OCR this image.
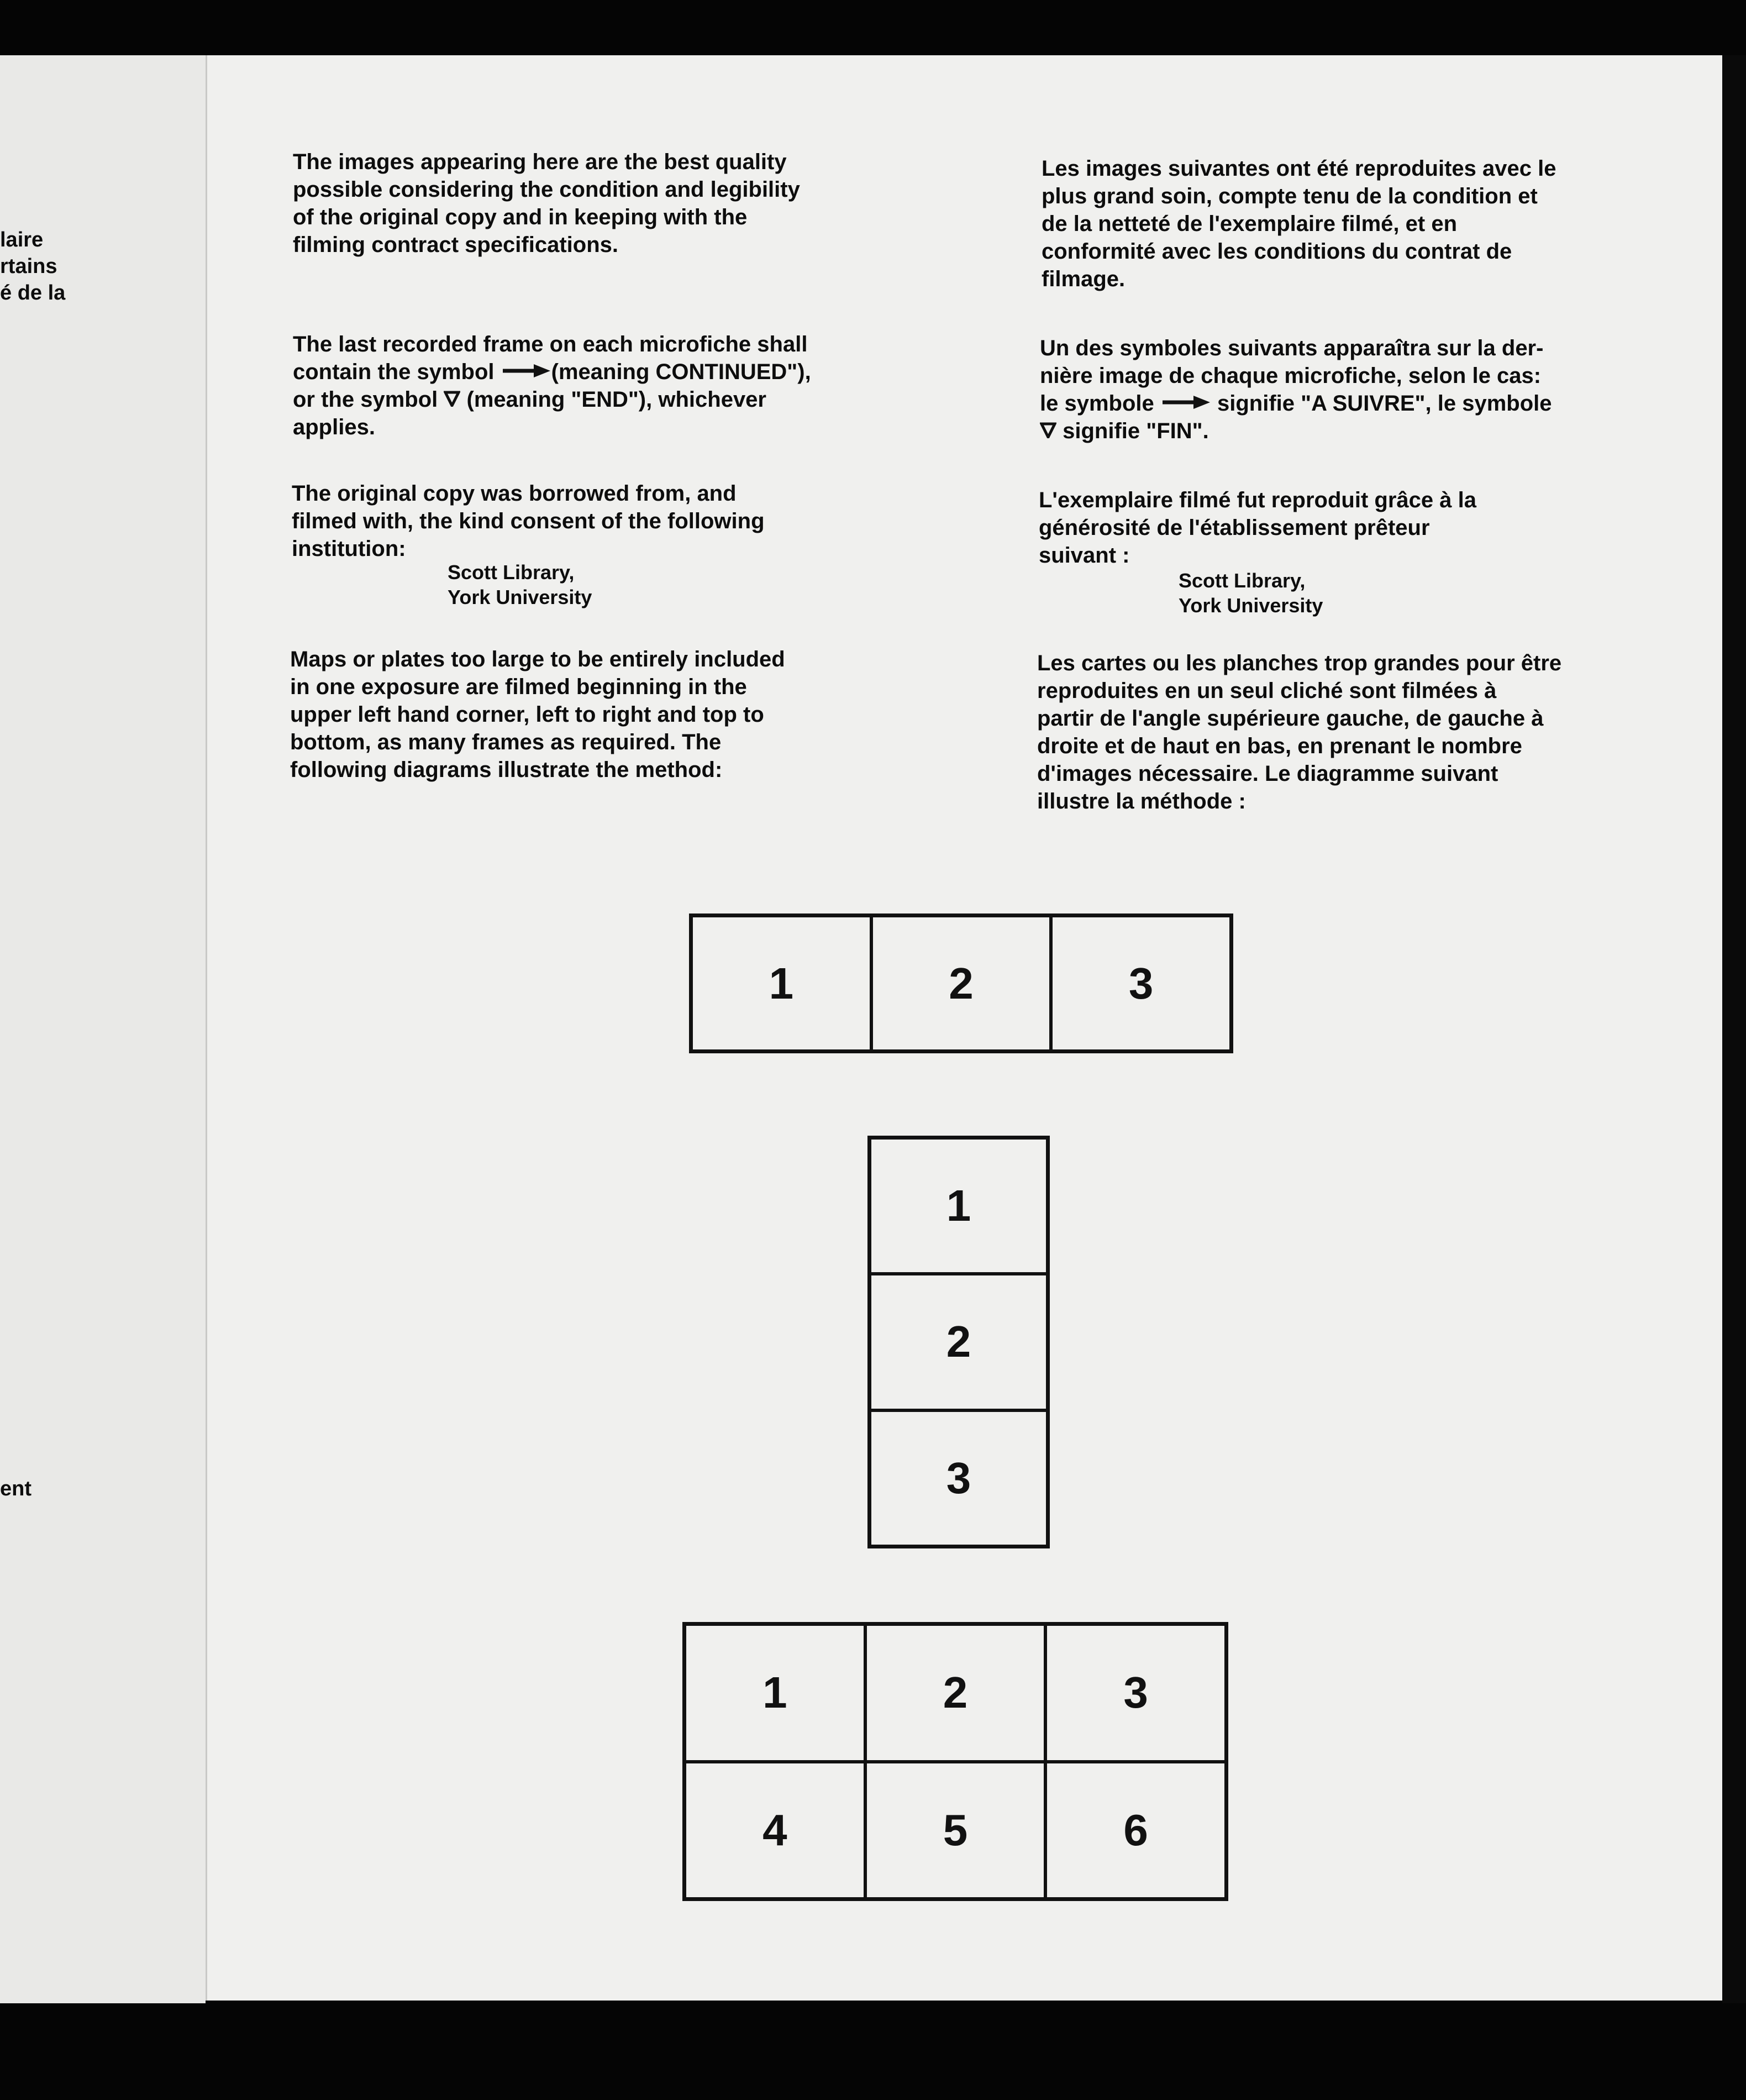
laire

rtains

é de la

ent

The images appearing here are the best quality

possible considering the condition and legibility

of the original copy and in keeping with the

filming contract specifications.

The last recorded frame on each microfiche shall

contain the symbol	(meaning CONTINUED"),

or the symbol (meaning "END"), whichever

applies.

The original copy was borrowed from, and

filmed with, the kind consent of the following

institution:

Scott Library,

York University

Maps or plates too large to be entirely included

in one exposure are filmed beginning in the

upper left hand corner, left to right and top to

bottom, as many frames as required. The

following diagrams illustrate the method:

Les images suivantes ont été reproduites avec le

plus grand soin, compte tenu de la condition et

de la netteté de l'exemplaire filmé, et en

conformité avec les conditions du contrat de

filmage.

Un des symboles suivants apparaîtra sur la der-

nière image de chaque microfiche, selon le cas:

le symbole	signifie "A SUIVRE", le symbole

signifie "FIN".

L'exemplaire filmé fut reproduit grâce à la

générosité de l'établissement prêteur

suivant :

Scott Library,

York University

Les cartes ou les planches trop grandes pour être

reproduites en un seul cliché sont filmées à

partir de l'angle supérieure gauche, de gauche à

droite et de haut en bas, en prenant le nombre

d'images nécessaire. Le diagramme suivant

illustre la méthode :

1	2	3
1
2
3
1	2	3
4	5	6
